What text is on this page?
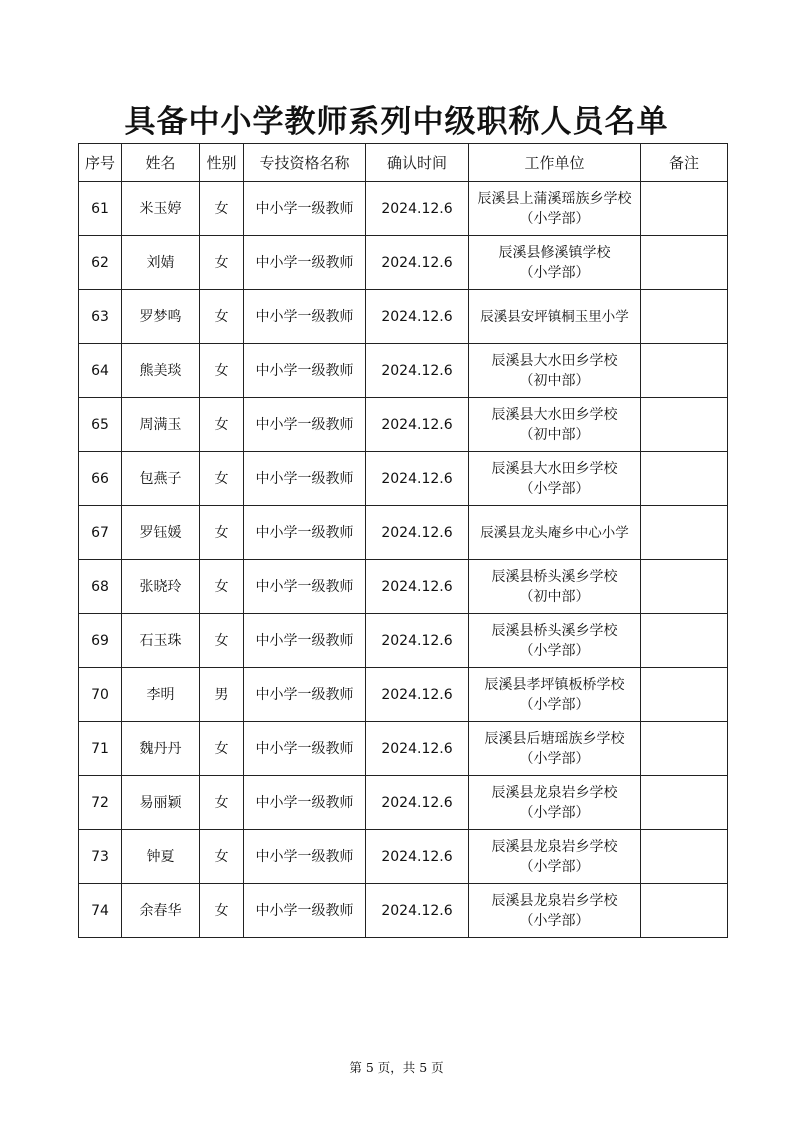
具备中小学教师系列中级职称人员名单
序号	姓名	性别	专技资格名称	确认时间	工作单位	备注
61	米玉婷	女	中小学一级教师	2024.12.6	辰溪县上蒲溪瑶族乡学校
（小学部）	
62	刘婧	女	中小学一级教师	2024.12.6	辰溪县修溪镇学校
（小学部）	
63	罗梦鸣	女	中小学一级教师	2024.12.6	辰溪县安坪镇桐玉里小学	
64	熊美琰	女	中小学一级教师	2024.12.6	辰溪县大水田乡学校
（初中部）	
65	周满玉	女	中小学一级教师	2024.12.6	辰溪县大水田乡学校
（初中部）	
66	包燕子	女	中小学一级教师	2024.12.6	辰溪县大水田乡学校
（小学部）	
67	罗钰媛	女	中小学一级教师	2024.12.6	辰溪县龙头庵乡中心小学	
68	张晓玲	女	中小学一级教师	2024.12.6	辰溪县桥头溪乡学校
（初中部）	
69	石玉珠	女	中小学一级教师	2024.12.6	辰溪县桥头溪乡学校
（小学部）	
70	李明	男	中小学一级教师	2024.12.6	辰溪县孝坪镇板桥学校
（小学部）	
71	魏丹丹	女	中小学一级教师	2024.12.6	辰溪县后塘瑶族乡学校
（小学部）	
72	易丽颖	女	中小学一级教师	2024.12.6	辰溪县龙泉岩乡学校
（小学部）	
73	钟夏	女	中小学一级教师	2024.12.6	辰溪县龙泉岩乡学校
（小学部）	
74	余春华	女	中小学一级教师	2024.12.6	辰溪县龙泉岩乡学校
（小学部）	
第 5 页，共 5 页
